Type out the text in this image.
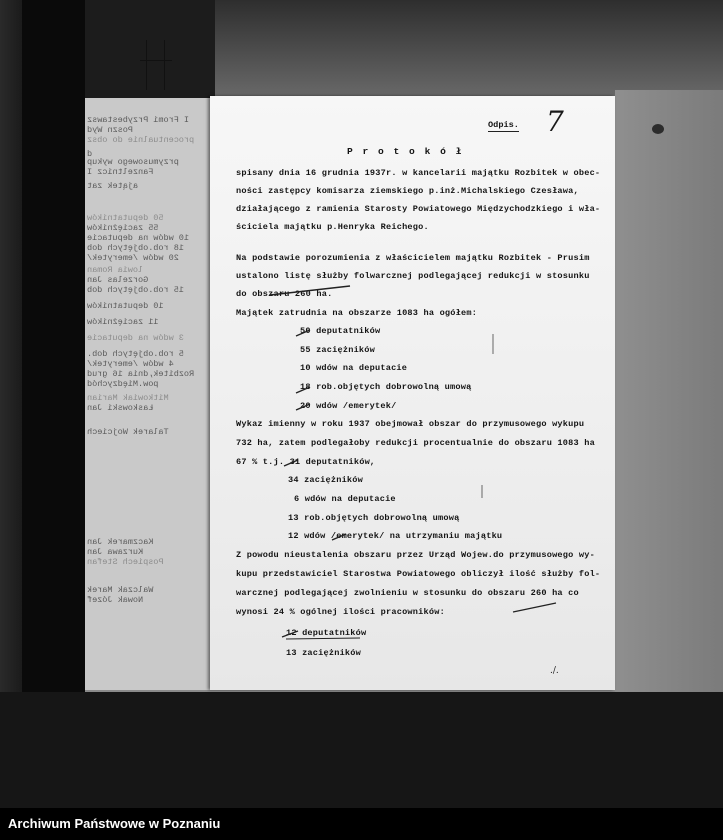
I Fromi Przybestawsz
Poszn Wyd
procentualnie do obsz
d
przymusowego wykup
Fanzeltnicz I
ajątek zat
50 deputatników
55 zaciężników
10 wdów na deputacie
18 rob.objętych dob
20 wdów /emerytek/
lowia Roman
Gorzelas Jan
15 rob.objętych dob
10 deputatników
11 zaciężników
3 wdów na deputacie
5 rob.objętych dob.
4 wdów /emerytek/
Rozbitek,dnia 16 grud
pow.Międzychód
Mitkowiak Marian
Łaskowski Jan
Talarek Wojciech
Kaczmarek Jan
Kurzawa Jan
Pospiech Stefan
Walczak Marek
Nowak Józef
Odpis. 7
P r o t o k ó ł
spisany dnia 16 grudnia 1937r. w kancelarii majątku Rozbitek w obec-
ności zastępcy komisarza ziemskiego p.inż.Michalskiego Czesława,
działającego z ramienia Starosty Powiatowego Międzychodzkiego i wła-
ściciela majątku p.Henryka Reichego.
Na podstawie porozumienia z właścicielem majątku Rozbitek - Prusim
ustalono listę służby folwarcznej podlegającej redukcji w stosunku
do obszaru 260 ha.
Majątek zatrudnia na obszarze 1083 ha ogółem:
50 deputatników
55 zaciężników
10 wdów na deputacie
18 rob.objętych dobrowolną umową
20 wdów /emerytek/
Wykaz imienny w roku 1937 obejmował obszar do przymusowego wykupu
732 ha, zatem podlegałoby redukcji procentualnie do obszaru 1083 ha
67 % t.j. 31 deputatników,
34 zaciężników
6 wdów na deputacie
13 rob.objętych dobrowolną umową
12 wdów /emerytek/ na utrzymaniu majątku
Z powodu nieustalenia obszaru przez Urząd Wojew.do przymusowego wy-
kupu przedstawiciel Starostwa Powiatowego obliczył ilość służby fol-
warcznej podlegającej zwolnieniu w stosunku do obszaru 260 ha co
wynosi 24 % ogólnej ilości pracowników:
12 deputatników
13 zaciężników
./.
Archiwum Państwowe w Poznaniu
